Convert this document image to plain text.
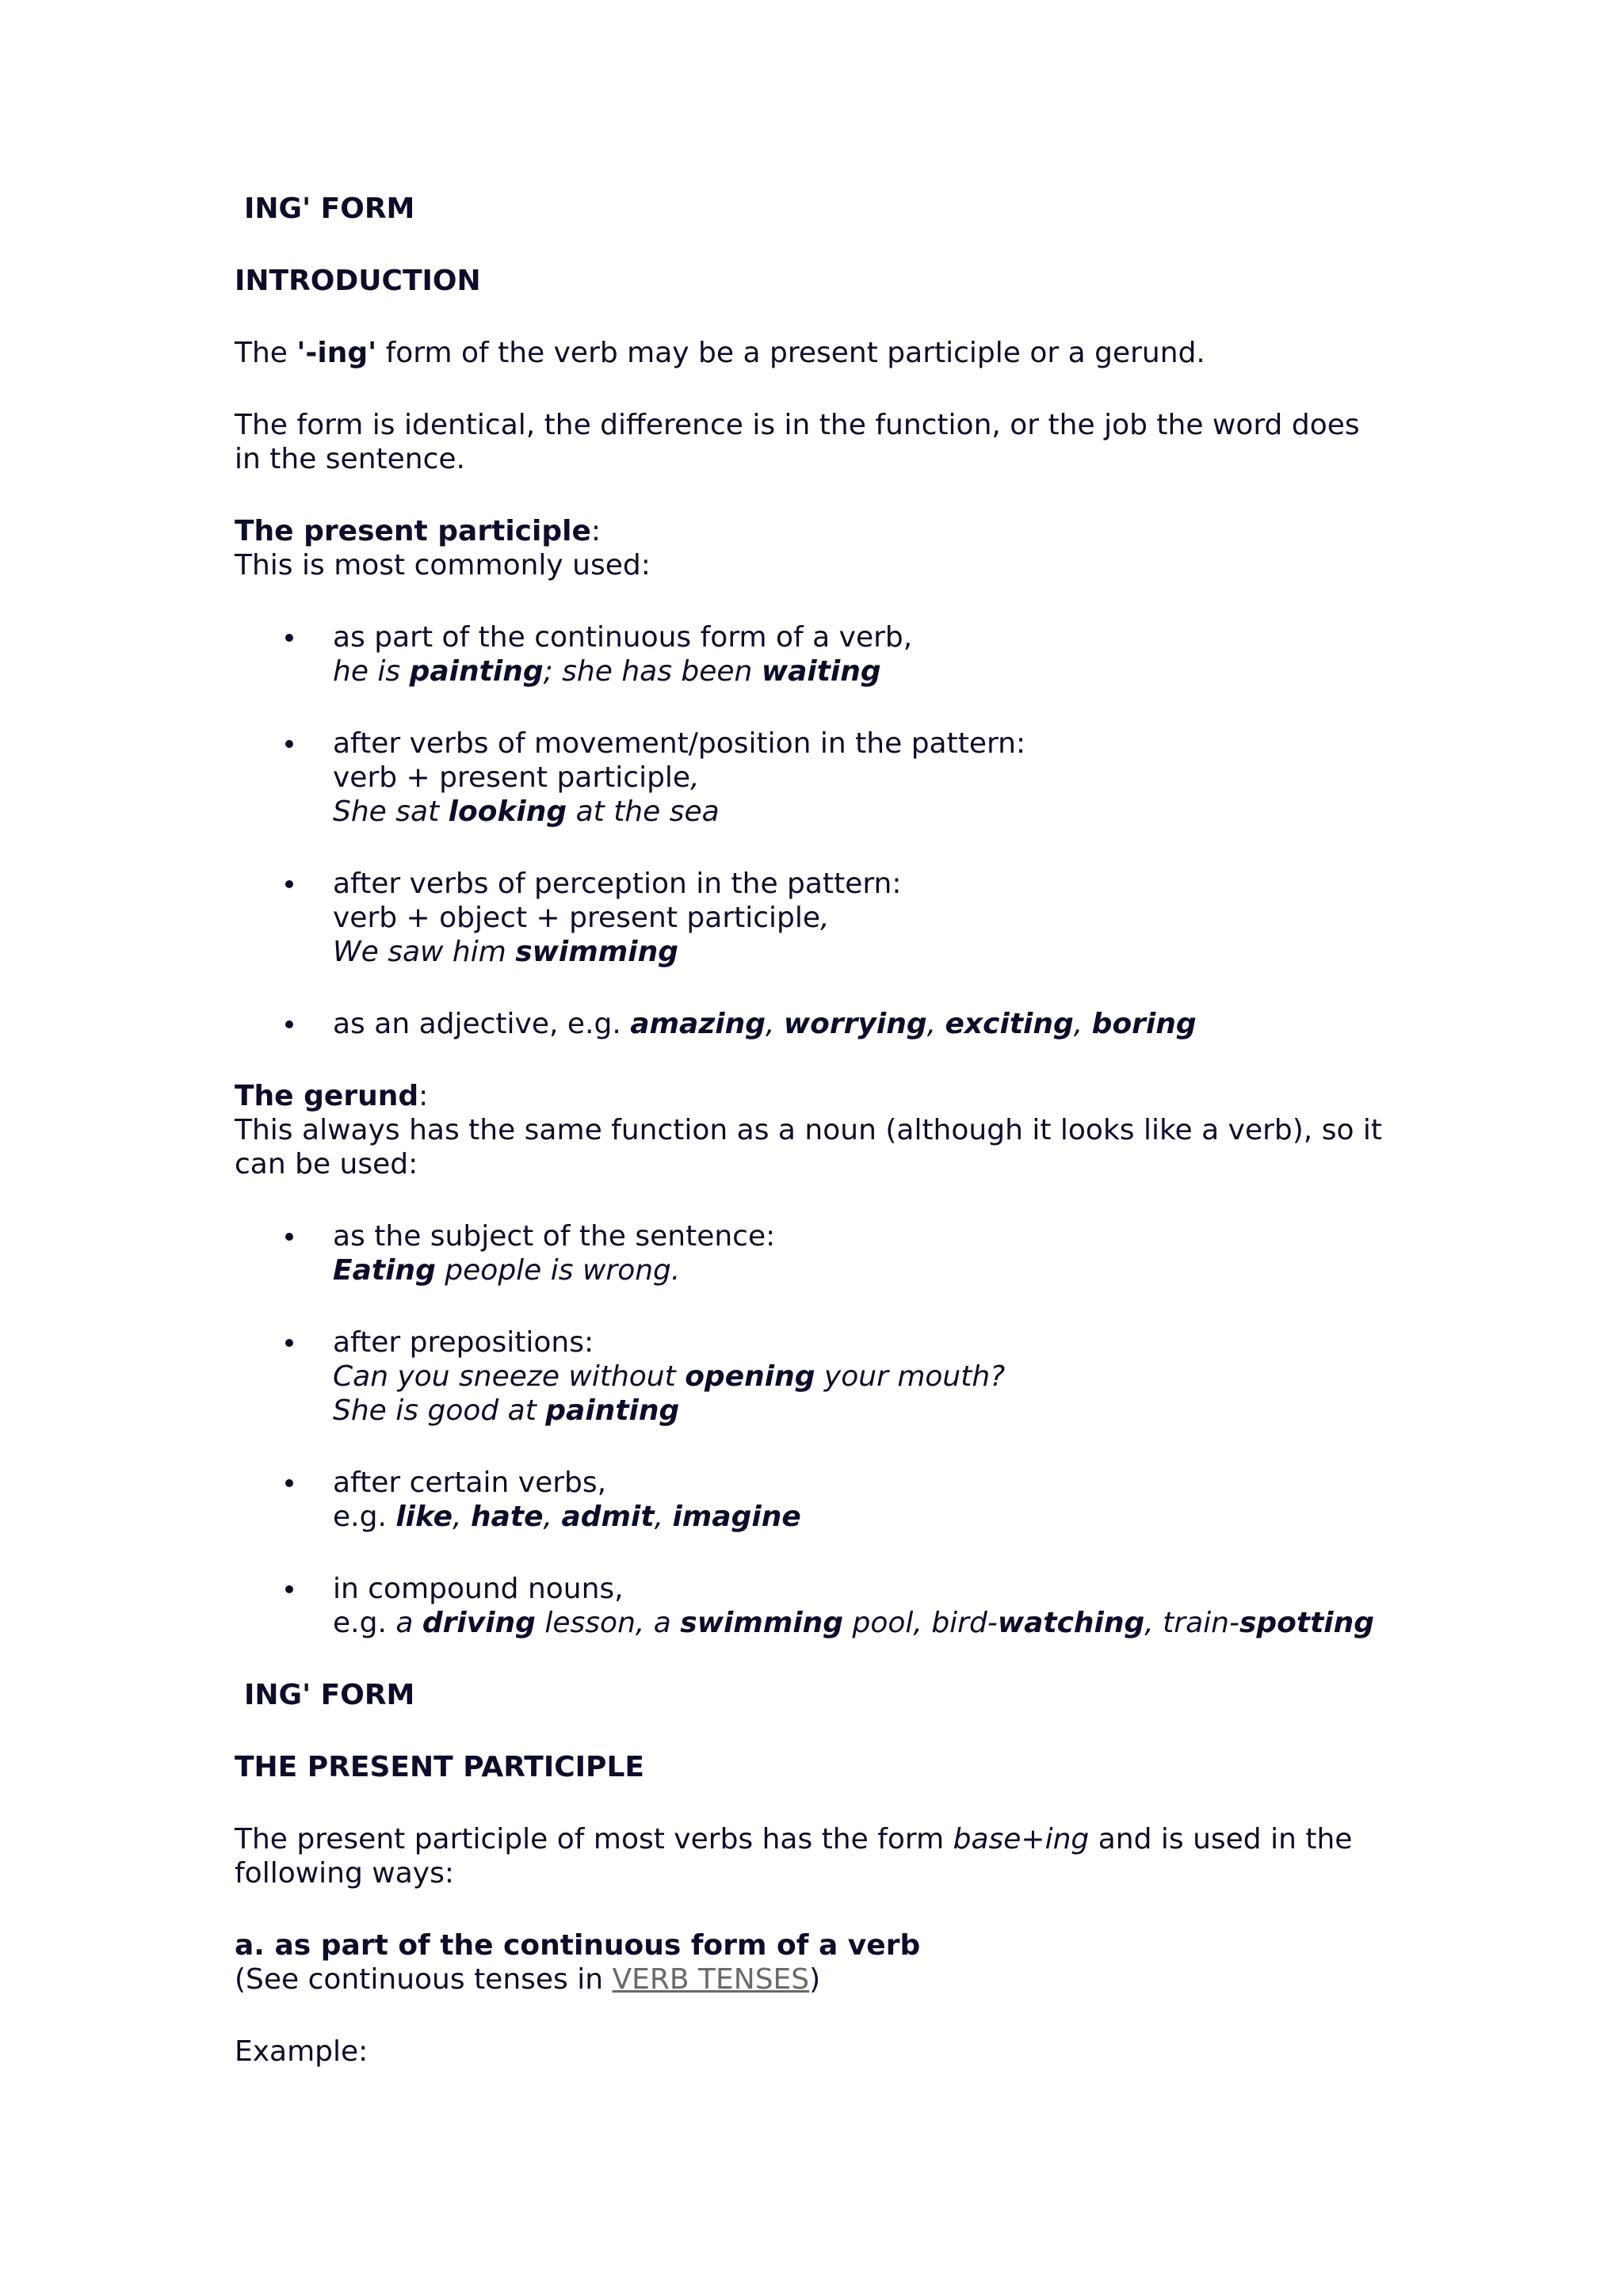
ING' FORM
INTRODUCTION

The '-ing' form of the verb may be a present participle or a gerund.

The form is identical, the difference is in the function, or the job the word does in the sentence.

The present participle:

This is most commonly used:

as part of the continuous form of a verb,
he is painting; she has been waiting
after verbs of movement/position in the pattern:
verb + present participle,
She sat looking at the sea
after verbs of perception in the pattern:
verb + object + present participle,
We saw him swimming
as an adjective, e.g. amazing, worrying, exciting, boring
The gerund:

This always has the same function as a noun (although it looks like a verb), so it can be used:

as the subject of the sentence:
Eating people is wrong.
after prepositions:
Can you sneeze without opening your mouth?
She is good at painting
after certain verbs,
e.g. like, hate, admit, imagine
in compound nouns,
e.g. a driving lesson, a swimming pool, bird-watching, train-spotting
ING' FORM
THE PRESENT PARTICIPLE

The present participle of most verbs has the form base+ing and is used in the following ways:

a. as part of the continuous form of a verb

(See continuous tenses in VERB TENSES)

Example:
